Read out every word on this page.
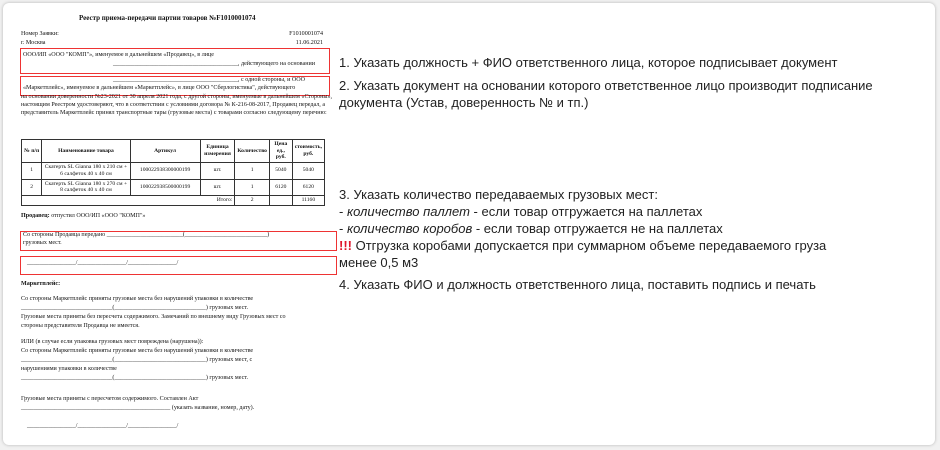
Реестр приема-передачи партии товаров №F1010001074
Номер Заявки:	F1010001074
г. Москва	11.06.2021
ООО/ИП «ООО "КОМП"», именуемое в дальнейшем «Продавец», в лице
_________________________________________, действующего на основании
_________________________________________, с одной стороны, и ООО
«Маркетплейс», именуемое в дальнейшем «Маркетплейс», в лице ООО "Сберлогистика", действующего
на основании доверенности №23-2021 от 30 апреля 2021 года, с другой стороны, именуемые в дальнейшем «Стороны», настоящим Реестром удостоверяют, что в соответствии с условиями договора № К-216-08-2017, Продавец передал, а представитель Маркетплейс принял транспортные тары (грузовые места) с товарами согласно следующему перечню:
№ п/п	Наименование товара	Артикул	Единица измерения	Количество	Цена ед., руб.	стоимость, руб.
1	Скатерть SL Gianna 180 x 210 см + 6 салфеток 40 x 40 см	100022938300000199	шт.	1	5040	5040
2	Скатерть SL Gianna 180 x 270 см + 8 салфеток 40 x 40 см	100022938500000199	шт.	1	6120	6120
Итого:				2		11160
Продавец: отпустил ООО/ИП «ООО "КОМП"»
Со стороны Продавца передано _________________________(___________________________)
грузовых мест.
________________/________________/________________/
Маркетплейс:
Со стороны Маркетплейс приняты грузовые места без нарушений упаковки в количестве
______________________________(______________________________) грузовых мест.
Грузовые места приняты без пересчета содержимого. Замечаний по внешнему виду Грузовых мест со
стороны представителя Продавца не имеется.
ИЛИ (в случае если упаковка грузовых мест повреждена (нарушена)):
Со стороны Маркетплейс приняты грузовые места без нарушений упаковки в количестве
______________________________(______________________________) грузовых мест, с
нарушениями упаковки в количестве
______________________________(______________________________) грузовых мест.
Грузовые места приняты с пересчетом содержимого. Составлен Акт
_________________________________________________ (указать название, номер, дату).
________________/________________/________________/
1. Указать должность + ФИО ответственного лица, которое подписывает документ
2. Указать документ на основании которого ответственное лицо производит подписание
документа (Устав, доверенность № и тп.)
3. Указать количество передаваемых грузовых мест:
- количество паллет - если товар отгружается на паллетах
- количество коробов - если товар отгружается не на паллетах
!!! Отгрузка коробами допускается при суммарном объеме передаваемого груза
менее 0,5 м3
4. Указать ФИО и должность ответственного лица, поставить подпись и печать
